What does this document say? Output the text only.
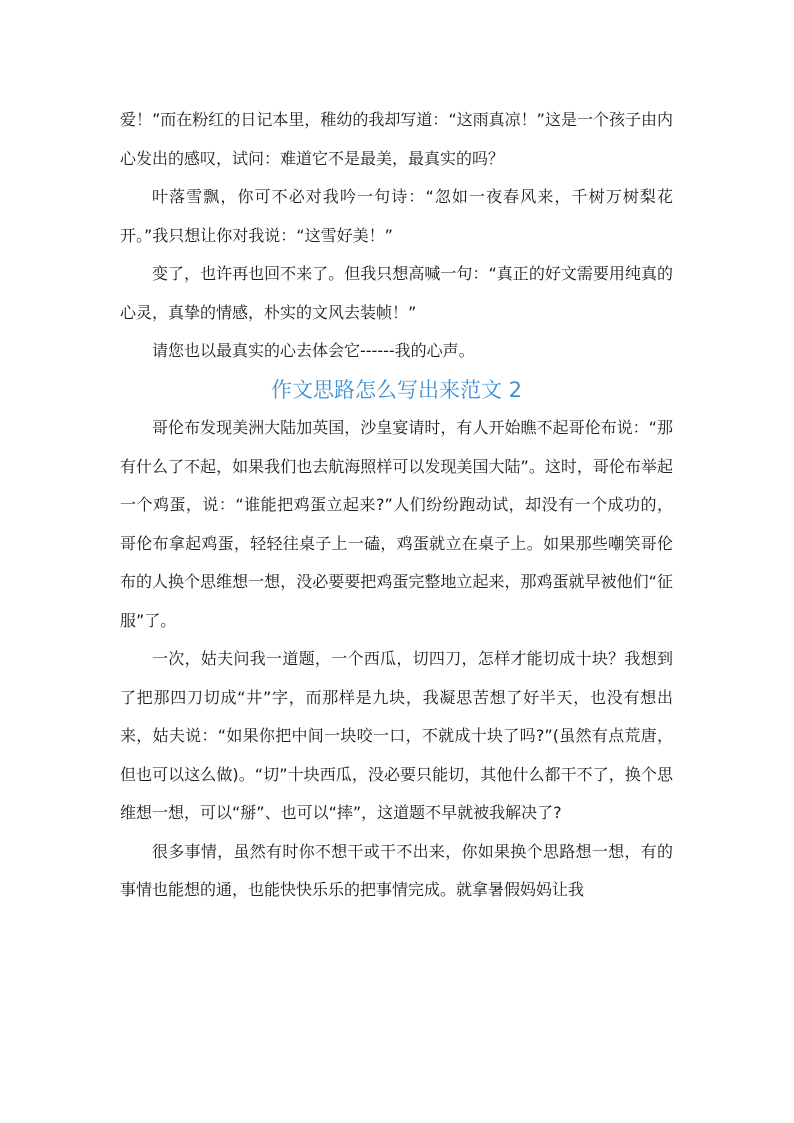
爱！”而在粉红的日记本里，稚幼的我却写道：“这雨真凉！”这是一个孩子由内心发出的感叹，试问：难道它不是最美，最真实的吗？

叶落雪飘，你可不必对我吟一句诗：“忽如一夜春风来，千树万树梨花开。”我只想让你对我说：“这雪好美！”

变了，也许再也回不来了。但我只想高喊一句：“真正的好文需要用纯真的心灵，真挚的情感，朴实的文风去装帧！”

请您也以最真实的心去体会它------我的心声。

作文思路怎么写出来范文 2

哥伦布发现美洲大陆加英国，沙皇宴请时，有人开始瞧不起哥伦布说：“那有什么了不起，如果我们也去航海照样可以发现美国大陆”。这时，哥伦布举起一个鸡蛋，说：“谁能把鸡蛋立起来?”人们纷纷跑动试，却没有一个成功的，哥伦布拿起鸡蛋，轻轻往桌子上一磕，鸡蛋就立在桌子上。如果那些嘲笑哥伦布的人换个思维想一想，没必要要把鸡蛋完整地立起来，那鸡蛋就早被他们“征服”了。

一次，姑夫问我一道题，一个西瓜，切四刀，怎样才能切成十块？我想到了把那四刀切成“井”字，而那样是九块，我凝思苦想了好半天，也没有想出来，姑夫说：“如果你把中间一块咬一口，不就成十块了吗?”(虽然有点荒唐，但也可以这么做)。“切”十块西瓜，没必要只能切，其他什么都干不了，换个思维想一想，可以“掰”、也可以“摔”，这道题不早就被我解决了?

很多事情，虽然有时你不想干或干不出来，你如果换个思路想一想，有的事情也能想的通，也能快快乐乐的把事情完成。就拿暑假妈妈让我
